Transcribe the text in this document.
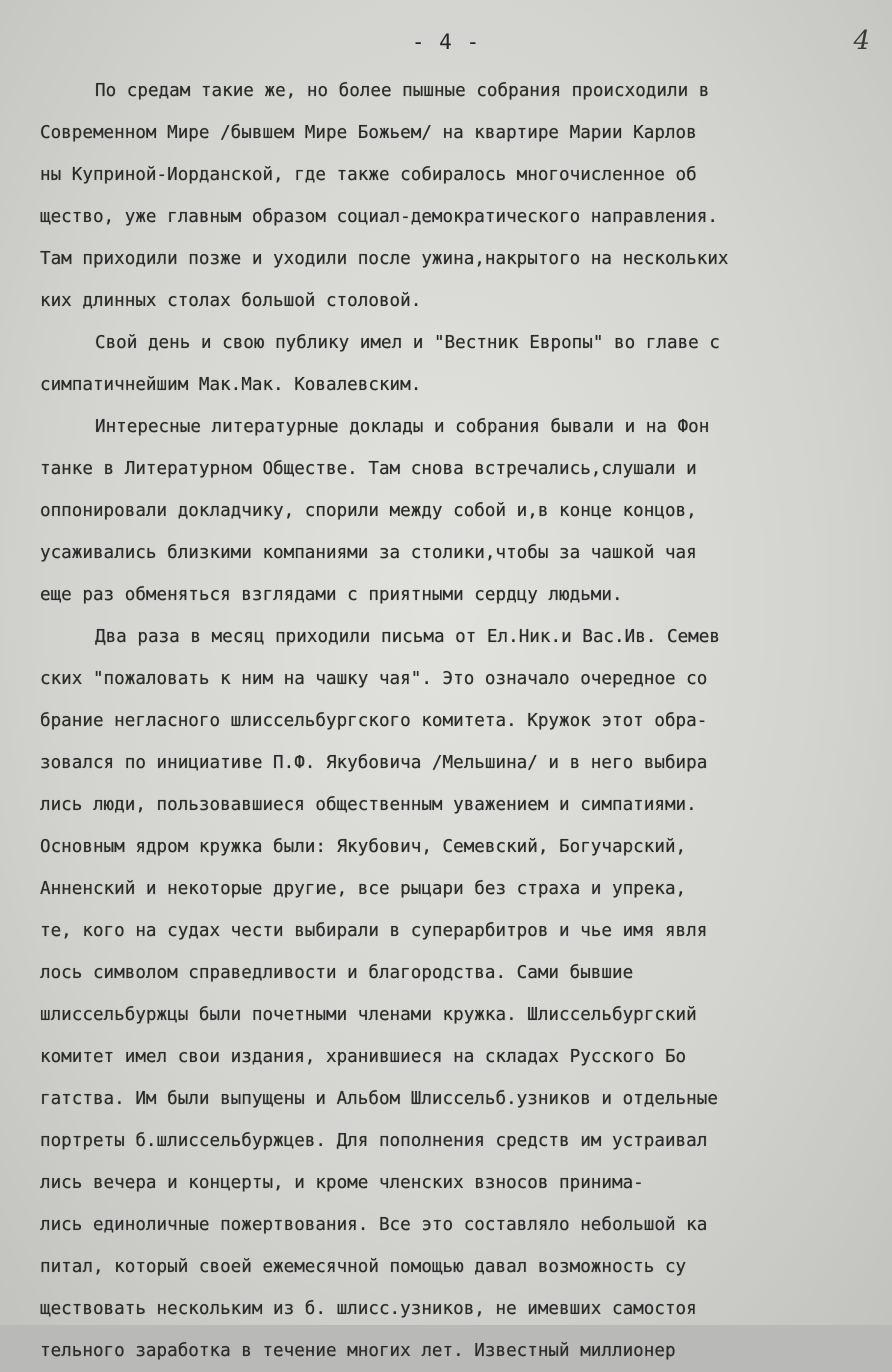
- 4 -	4
По средам такие же, но более пышные собрания происходили в
Современном Мире /бывшем Мире Божьем/ на квартире Марии Карлов
ны Куприной-Иорданской, где также собиралось многочисленное об
щество, уже главным образом социал-демократического направления.
Там приходили позже и уходили после ужина,накрытого на нескольких
ких длинных столах большой столовой.
Свой день и свою публику имел и "Вестник Европы" во главе с
симпатичнейшим Мак.Мак. Ковалевским.
Интересные литературные доклады и собрания бывали и на Фон
танке в Литературном Обществе. Там снова встречались,слушали и
оппонировали докладчику, спорили между собой и,в конце концов,
усаживались близкими компаниями за столики,чтобы за чашкой чая
еще раз обменяться взглядами с приятными сердцу людьми.
Два раза в месяц приходили письма от Ел.Ник.и Вас.Ив. Семев
ских "пожаловать к ним на чашку чая". Это означало очередное со
брание негласного шлиссельбургского комитета. Кружок этот обра-
зовался по инициативе П.Ф. Якубовича /Мельшина/ и в него выбира
лись люди, пользовавшиеся общественным уважением и симпатиями.
Основным ядром кружка были: Якубович, Семевский, Богучарский,
Анненский и некоторые другие, все рыцари без страха и упрека,
те, кого на судах чести выбирали в суперарбитров и чье имя явля
лось символом справедливости и благородства. Сами бывшие
шлиссельбуржцы были почетными членами кружка. Шлиссельбургский
комитет имел свои издания, хранившиеся на складах Русского Бо
гатства. Им были выпущены и Альбом Шлиссельб.узников и отдельные
портреты б.шлиссельбуржцев. Для пополнения средств им устраивал
лись вечера и концерты, и кроме членских взносов принима-
лись единоличные пожертвования. Все это составляло небольшой ка
питал, который своей ежемесячной помощью давал возможность су
ществовать нескольким из б. шлисс.узников, не имевших самостоя
тельного заработка в течение многих лет. Известный миллионер
